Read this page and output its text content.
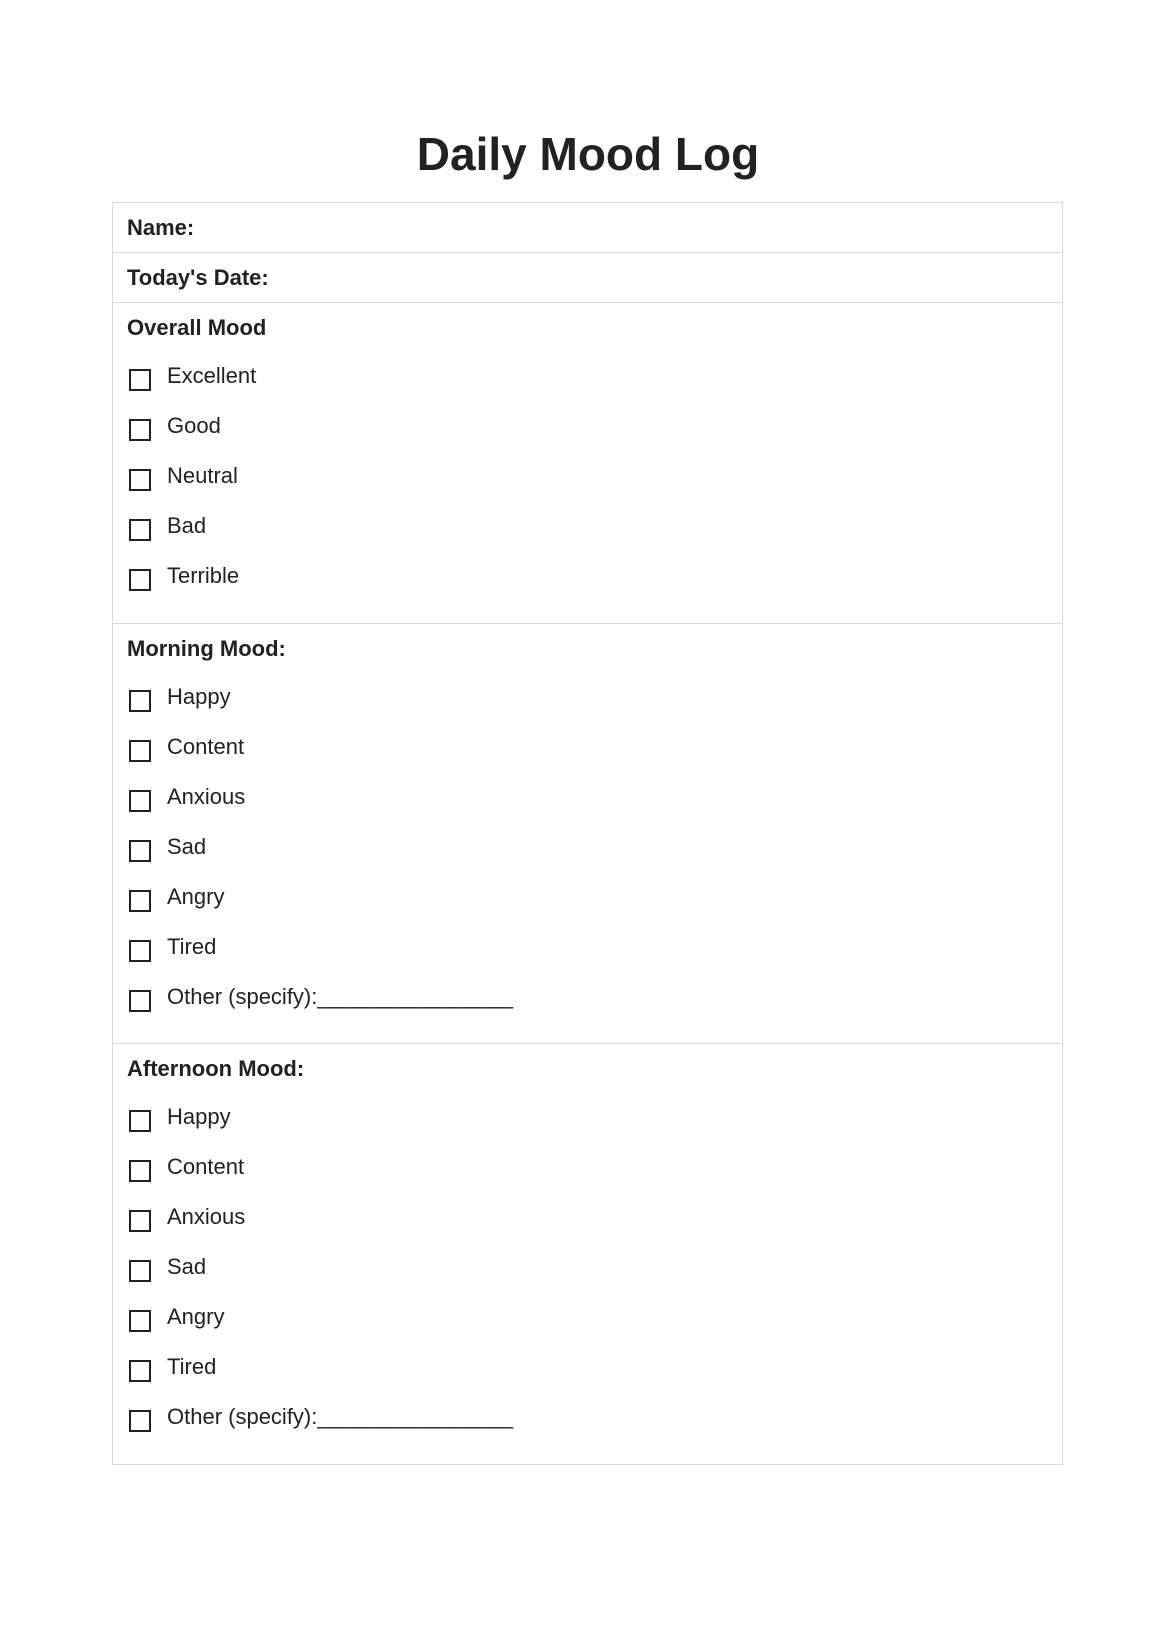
Daily Mood Log
Name:
Today's Date:
Overall Mood
Excellent
Good
Neutral
Bad
Terrible
Morning Mood:
Happy
Content
Anxious
Sad
Angry
Tired
Other (specify):________________
Afternoon Mood:
Happy
Content
Anxious
Sad
Angry
Tired
Other (specify):________________
